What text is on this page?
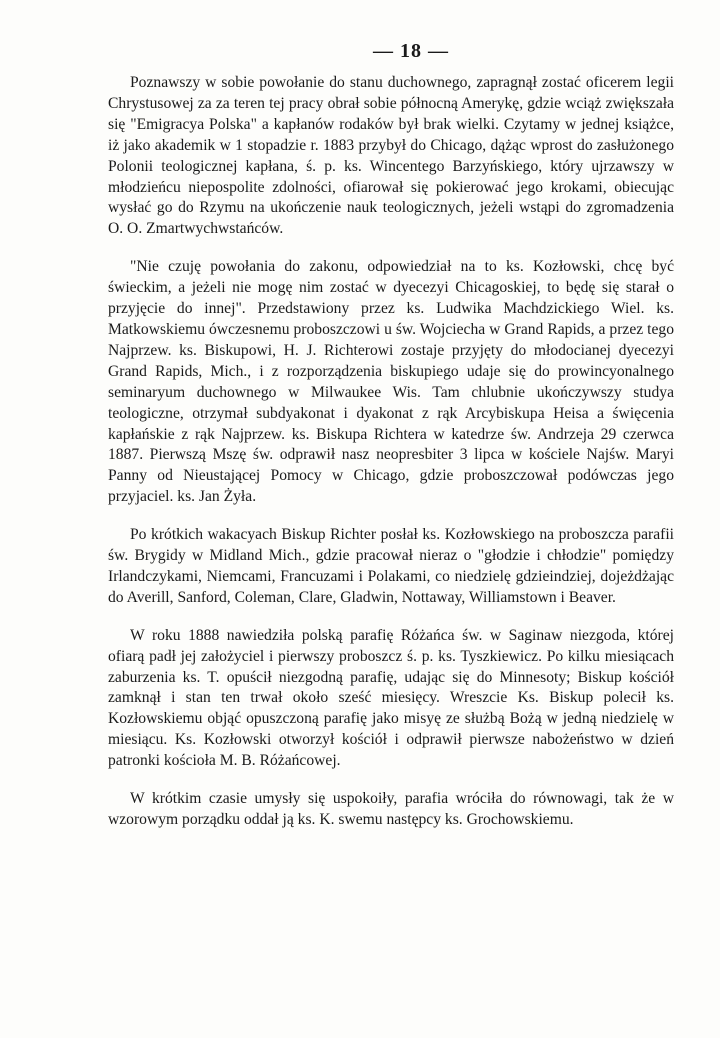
— 18 —

Poznawszy w sobie powołanie do stanu duchownego, zapragnął zostać oficerem legii Chrystusowej za za teren tej pracy obrał sobie północną Amerykę, gdzie wciąż zwiększała się "Emigracya Polska" a kapłanów rodaków był brak wielki. Czytamy w jednej książce, iż jako akademik w 1 stopadzie r. 1883 przybył do Chicago, dążąc wprost do zasłużonego Polonii teologicznej kapłana, ś. p. ks. Wincentego Barzyńskiego, który ujrzawszy w młodzieńcu niepospolite zdolności, ofiarował się pokierować jego krokami, obiecując wysłać go do Rzymu na ukończenie nauk teologicznych, jeżeli wstąpi do zgromadzenia O. O. Zmartwychwstańców.

"Nie czuję powołania do zakonu, odpowiedział na to ks. Kozłowski, chcę być świeckim, a jeżeli nie mogę nim zostać w dyecezyi Chicagoskiej, to będę się starał o przyjęcie do innej". Przedstawiony przez ks. Ludwika Machdzickiego Wiel. ks. Matkowskiemu ówczesnemu proboszczowi u św. Wojciecha w Grand Rapids, a przez tego Najprzew. ks. Biskupowi, H. J. Richterowi zostaje przyjęty do młodocianej dyecezyi Grand Rapids, Mich., i z rozporządzenia biskupiego udaje się do prowincyonalnego seminaryum duchownego w Milwaukee Wis. Tam chlubnie ukończywszy studya teologiczne, otrzymał subdyakonat i dyakonat z rąk Arcybiskupa Heisa a święcenia kapłańskie z rąk Najprzew. ks. Biskupa Richtera w katedrze św. Andrzeja 29 czerwca 1887. Pierwszą Mszę św. odprawił nasz neopresbiter 3 lipca w kościele Najśw. Maryi Panny od Nieustającej Pomocy w Chicago, gdzie proboszczował podówczas jego przyjaciel. ks. Jan Żyła.

Po krótkich wakacyach Biskup Richter posłał ks. Kozłowskiego na proboszcza parafii św. Brygidy w Midland Mich., gdzie pracował nieraz o "głodzie i chłodzie" pomiędzy Irlandczykami, Niemcami, Francuzami i Polakami, co niedzielę gdzieindziej, dojeżdżając do Averill, Sanford, Coleman, Clare, Gladwin, Nottaway, Williamstown i Beaver.

W roku 1888 nawiedziła polską parafię Różańca św. w Saginaw niezgoda, której ofiarą padł jej założyciel i pierwszy proboszcz ś. p. ks. Tyszkiewicz. Po kilku miesiącach zaburzenia ks. T. opuścił niezgodną parafię, udając się do Minnesoty; Biskup kościół zamknął i stan ten trwał około sześć miesięcy. Wreszcie Ks. Biskup polecił ks. Kozłowskiemu objąć opuszczoną parafię jako misyę ze służbą Bożą w jedną niedzielę w miesiącu. Ks. Kozłowski otworzył kościół i odprawił pierwsze nabożeństwo w dzień patronki kościoła M. B. Różańcowej.

W krótkim czasie umysły się uspokoiły, parafia wróciła do równowagi, tak że w wzorowym porządku oddał ją ks. K. swemu następcy ks. Grochowskiemu.
